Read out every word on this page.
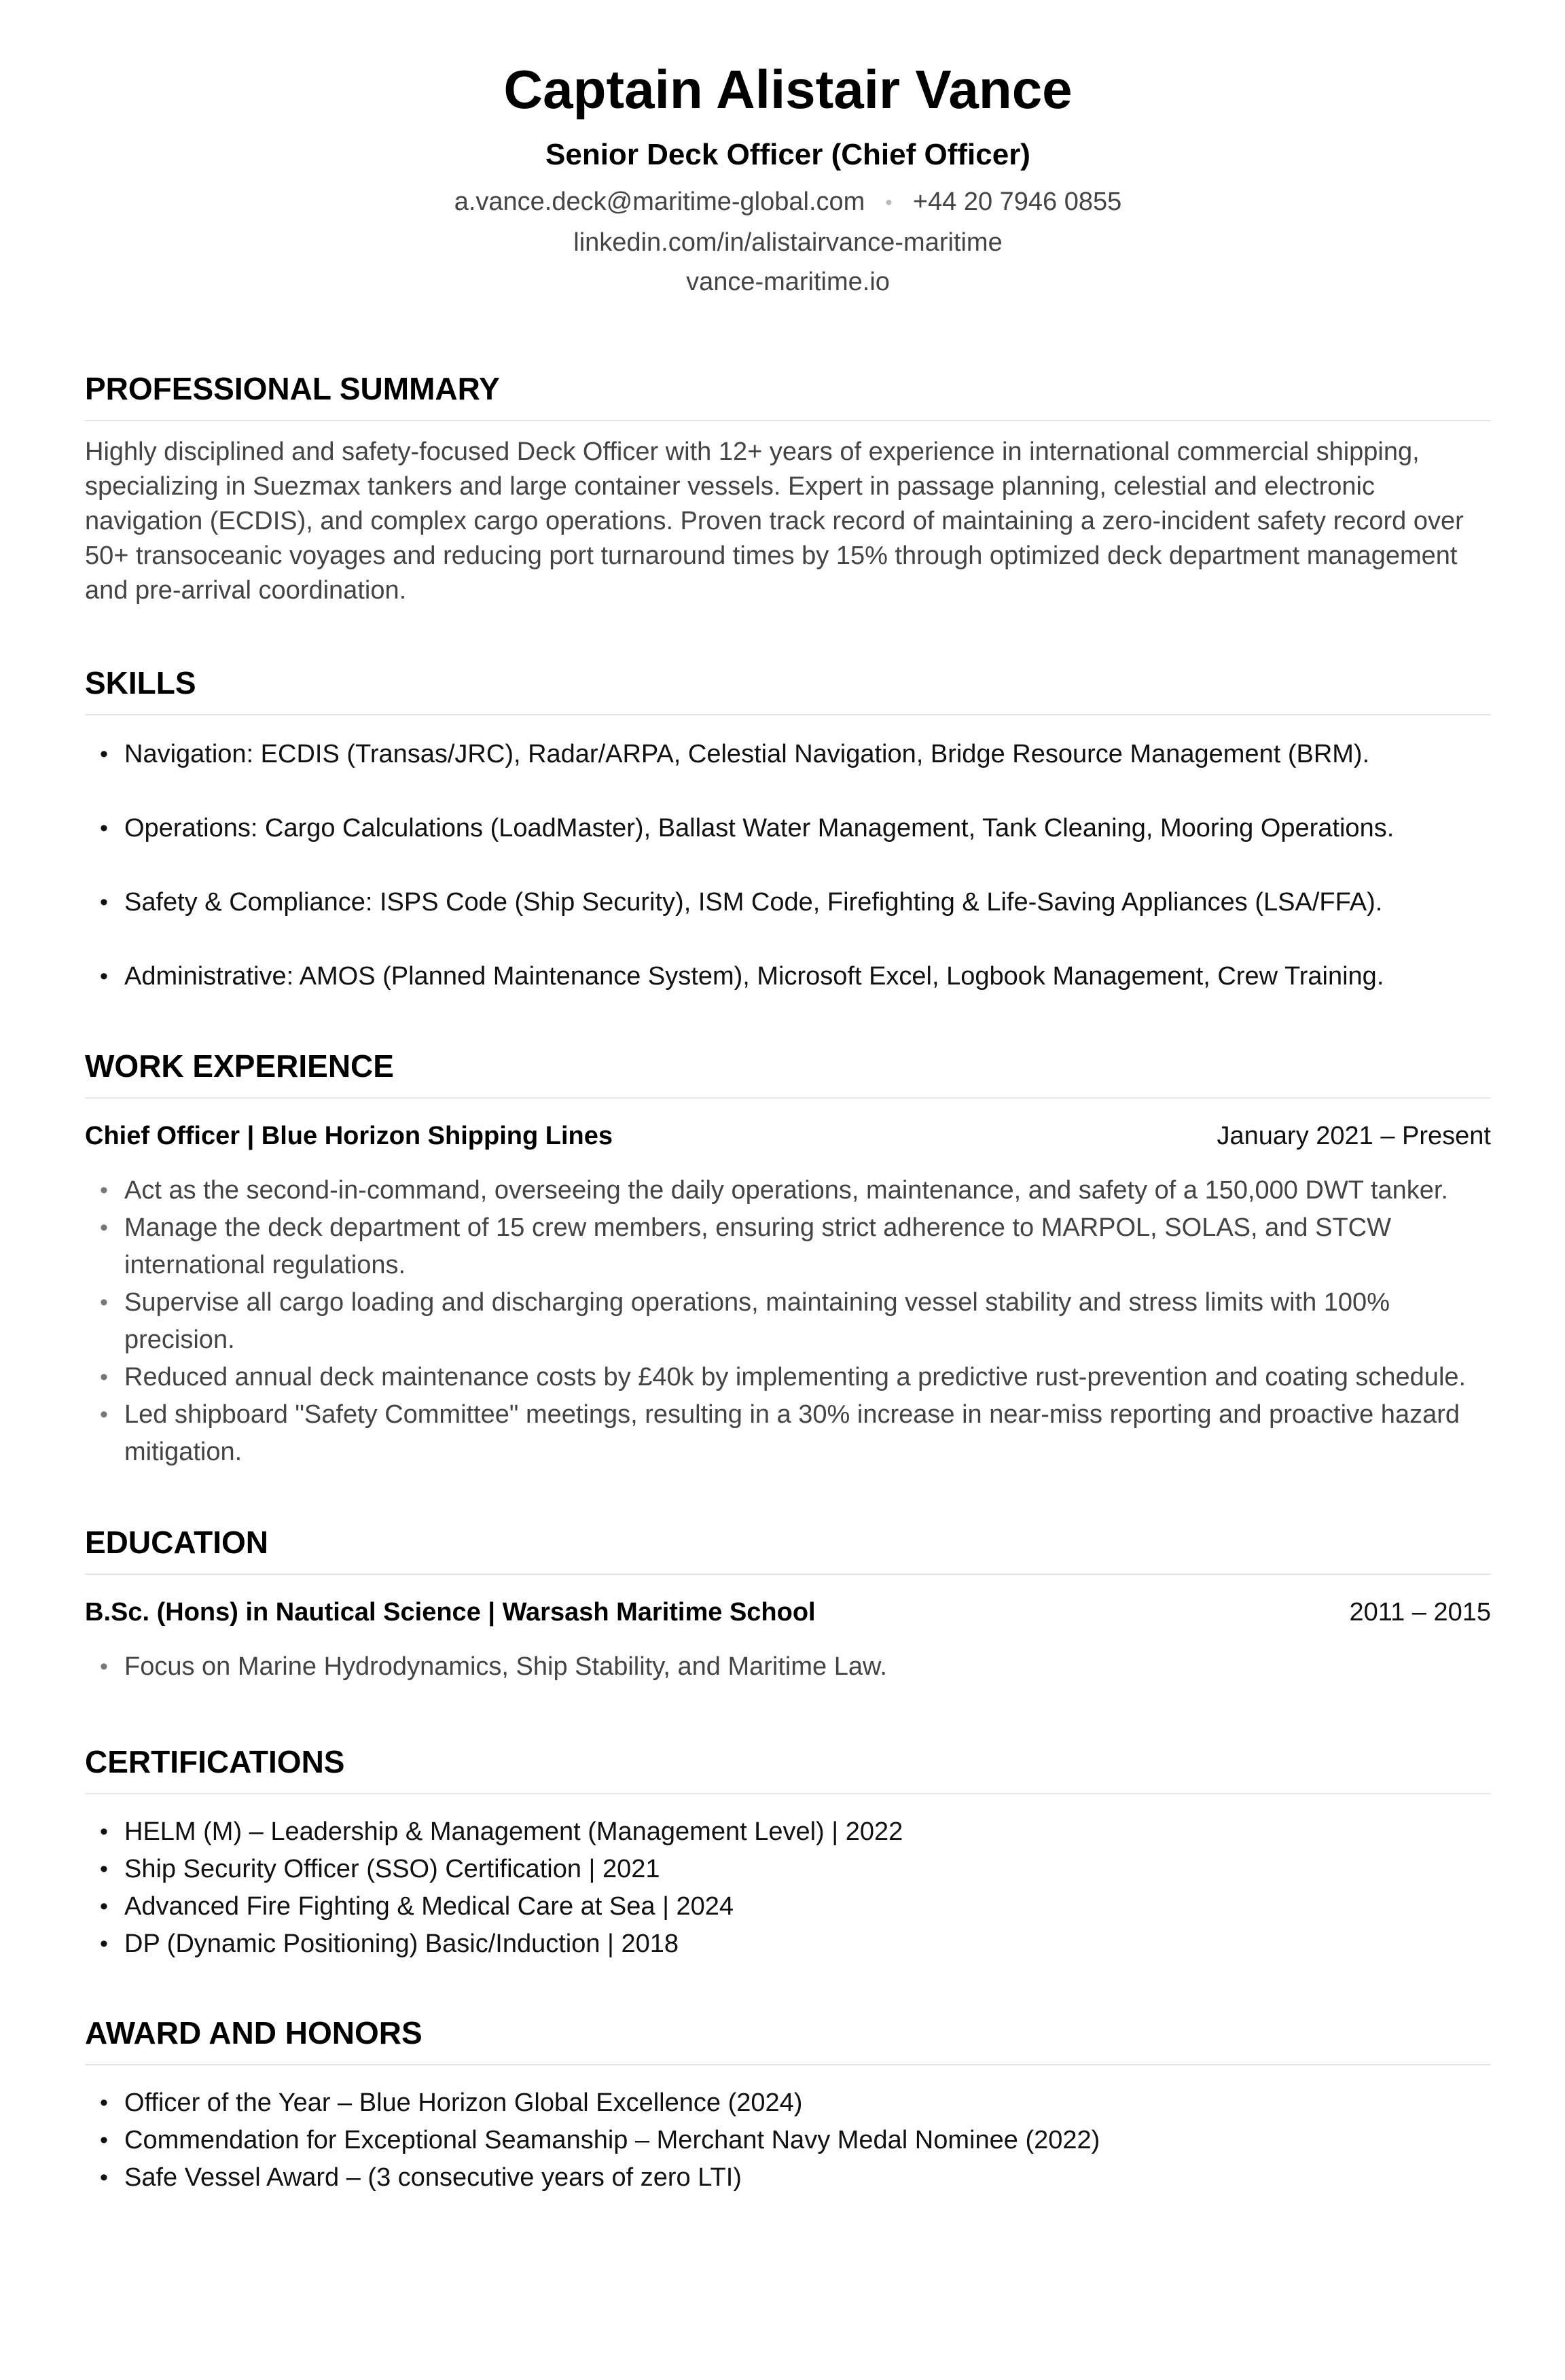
Captain Alistair Vance
Senior Deck Officer (Chief Officer)
a.vance.deck@maritime-global.com • +44 20 7946 0855
linkedin.com/in/alistairvance-maritime
vance-maritime.io
PROFESSIONAL SUMMARY
Highly disciplined and safety-focused Deck Officer with 12+ years of experience in international commercial shipping, specializing in Suezmax tankers and large container vessels. Expert in passage planning, celestial and electronic navigation (ECDIS), and complex cargo operations. Proven track record of maintaining a zero-incident safety record over 50+ transoceanic voyages and reducing port turnaround times by 15% through optimized deck department management and pre-arrival coordination.
SKILLS
• Navigation: ECDIS (Transas/JRC), Radar/ARPA, Celestial Navigation, Bridge Resource Management (BRM).
• Operations: Cargo Calculations (LoadMaster), Ballast Water Management, Tank Cleaning, Mooring Operations.
• Safety & Compliance: ISPS Code (Ship Security), ISM Code, Firefighting & Life-Saving Appliances (LSA/FFA).
• Administrative: AMOS (Planned Maintenance System), Microsoft Excel, Logbook Management, Crew Training.
WORK EXPERIENCE
Chief Officer | Blue Horizon Shipping Lines	January 2021 – Present
• Act as the second-in-command, overseeing the daily operations, maintenance, and safety of a 150,000 DWT tanker.
• Manage the deck department of 15 crew members, ensuring strict adherence to MARPOL, SOLAS, and STCW international regulations.
• Supervise all cargo loading and discharging operations, maintaining vessel stability and stress limits with 100% precision.
• Reduced annual deck maintenance costs by £40k by implementing a predictive rust-prevention and coating schedule.
• Led shipboard "Safety Committee" meetings, resulting in a 30% increase in near-miss reporting and proactive hazard mitigation.
EDUCATION
B.Sc. (Hons) in Nautical Science | Warsash Maritime School	2011 – 2015
• Focus on Marine Hydrodynamics, Ship Stability, and Maritime Law.
CERTIFICATIONS
• HELM (M) – Leadership & Management (Management Level) | 2022
• Ship Security Officer (SSO) Certification | 2021
• Advanced Fire Fighting & Medical Care at Sea | 2024
• DP (Dynamic Positioning) Basic/Induction | 2018
AWARD AND HONORS
• Officer of the Year – Blue Horizon Global Excellence (2024)
• Commendation for Exceptional Seamanship – Merchant Navy Medal Nominee (2022)
• Safe Vessel Award – (3 consecutive years of zero LTI)
